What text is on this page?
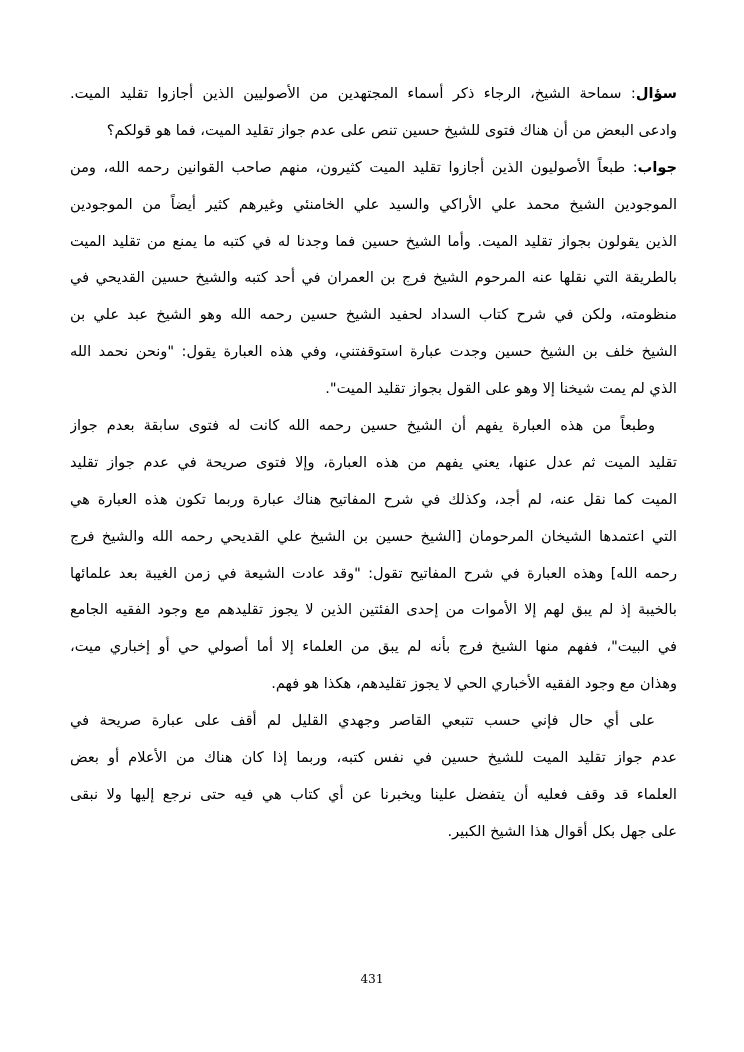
سؤال: سماحة الشيخ، الرجاء ذكر أسماء المجتهدين من الأصوليين الذين أجازوا تقليد الميت.
وادعى البعض من أن هناك فتوى للشيخ حسين تنص على عدم جواز تقليد الميت، فما هو قولكم؟
جواب: طبعاً الأصوليون الذين أجازوا تقليد الميت كثيرون، منهم صاحب القوانين رحمه الله، ومن
الموجودين الشيخ محمد علي الأراكي والسيد علي الخامنئي وغيرهم كثير أيضاً من الموجودين
الذين يقولون بجواز تقليد الميت. وأما الشيخ حسين فما وجدنا له في كتبه ما يمنع من تقليد الميت
بالطريقة التي نقلها عنه المرحوم الشيخ فرج بن العمران في أحد كتبه والشيخ حسين القديحي في
منظومته، ولكن في شرح كتاب السداد لحفيد الشيخ حسين رحمه الله وهو الشيخ عبد علي بن
الشيخ خلف بن الشيخ حسين وجدت عبارة استوقفتني، وفي هذه العبارة يقول: "ونحن نحمد الله
الذي لم يمت شيخنا إلا وهو على القول بجواز تقليد الميت".
وطبعاً من هذه العبارة يفهم أن الشيخ حسين رحمه الله كانت له فتوى سابقة بعدم جواز
تقليد الميت ثم عدل عنها، يعني يفهم من هذه العبارة، وإلا فتوى صريحة في عدم جواز تقليد
الميت كما نقل عنه، لم أجد، وكذلك في شرح المفاتيح هناك عبارة وربما تكون هذه العبارة هي
التي اعتمدها الشيخان المرحومان [الشيخ حسين بن الشيخ علي القديحي رحمه الله والشيخ فرج
رحمه الله] وهذه العبارة في شرح المفاتيح تقول: "وقد عادت الشيعة في زمن الغيبة بعد علمائها
بالخيبة إذ لم يبق لهم إلا الأموات من إحدى الفئتين الذين لا يجوز تقليدهم مع وجود الفقيه الجامع
في البيت"، ففهم منها الشيخ فرج بأنه لم يبق من العلماء إلا أما أصولي حي أو إخباري ميت،
وهذان مع وجود الفقيه الأخباري الحي لا يجوز تقليدهم، هكذا هو فهم.
على أي حال فإني حسب تتبعي القاصر وجهدي القليل لم أقف على عبارة صريحة في
عدم جواز تقليد الميت للشيخ حسين في نفس كتبه، وربما إذا كان هناك من الأعلام أو بعض
العلماء قد وقف فعليه أن يتفضل علينا ويخبرنا عن أي كتاب هي فيه حتى نرجع إليها ولا نبقى
على جهل بكل أقوال هذا الشيخ الكبير.
431
